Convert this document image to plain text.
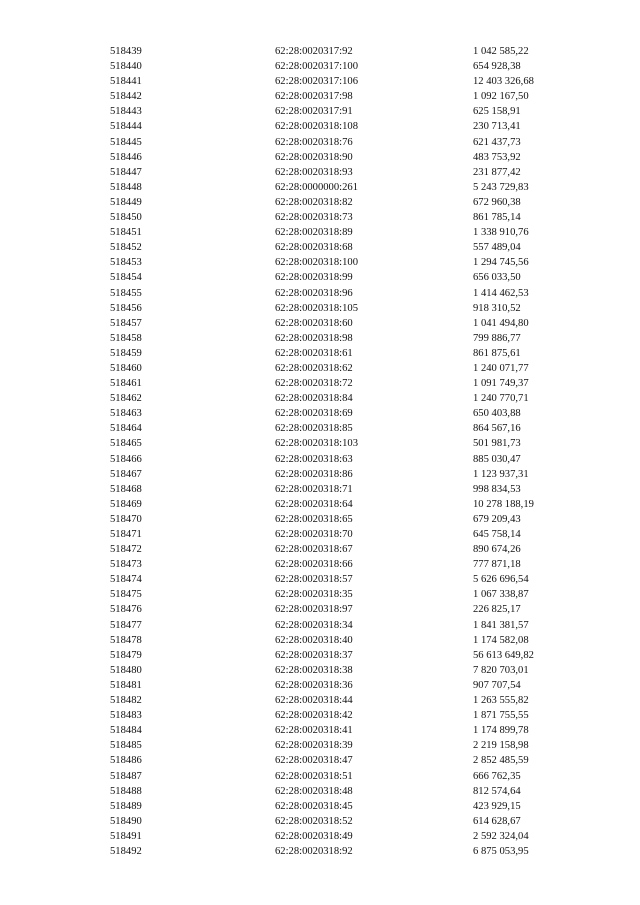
518439	62:28:0020317:92	1 042 585,22
518440	62:28:0020317:100	654 928,38
518441	62:28:0020317:106	12 403 326,68
518442	62:28:0020317:98	1 092 167,50
518443	62:28:0020317:91	625 158,91
518444	62:28:0020318:108	230 713,41
518445	62:28:0020318:76	621 437,73
518446	62:28:0020318:90	483 753,92
518447	62:28:0020318:93	231 877,42
518448	62:28:0000000:261	5 243 729,83
518449	62:28:0020318:82	672 960,38
518450	62:28:0020318:73	861 785,14
518451	62:28:0020318:89	1 338 910,76
518452	62:28:0020318:68	557 489,04
518453	62:28:0020318:100	1 294 745,56
518454	62:28:0020318:99	656 033,50
518455	62:28:0020318:96	1 414 462,53
518456	62:28:0020318:105	918 310,52
518457	62:28:0020318:60	1 041 494,80
518458	62:28:0020318:98	799 886,77
518459	62:28:0020318:61	861 875,61
518460	62:28:0020318:62	1 240 071,77
518461	62:28:0020318:72	1 091 749,37
518462	62:28:0020318:84	1 240 770,71
518463	62:28:0020318:69	650 403,88
518464	62:28:0020318:85	864 567,16
518465	62:28:0020318:103	501 981,73
518466	62:28:0020318:63	885 030,47
518467	62:28:0020318:86	1 123 937,31
518468	62:28:0020318:71	998 834,53
518469	62:28:0020318:64	10 278 188,19
518470	62:28:0020318:65	679 209,43
518471	62:28:0020318:70	645 758,14
518472	62:28:0020318:67	890 674,26
518473	62:28:0020318:66	777 871,18
518474	62:28:0020318:57	5 626 696,54
518475	62:28:0020318:35	1 067 338,87
518476	62:28:0020318:97	226 825,17
518477	62:28:0020318:34	1 841 381,57
518478	62:28:0020318:40	1 174 582,08
518479	62:28:0020318:37	56 613 649,82
518480	62:28:0020318:38	7 820 703,01
518481	62:28:0020318:36	907 707,54
518482	62:28:0020318:44	1 263 555,82
518483	62:28:0020318:42	1 871 755,55
518484	62:28:0020318:41	1 174 899,78
518485	62:28:0020318:39	2 219 158,98
518486	62:28:0020318:47	2 852 485,59
518487	62:28:0020318:51	666 762,35
518488	62:28:0020318:48	812 574,64
518489	62:28:0020318:45	423 929,15
518490	62:28:0020318:52	614 628,67
518491	62:28:0020318:49	2 592 324,04
518492	62:28:0020318:92	6 875 053,95
